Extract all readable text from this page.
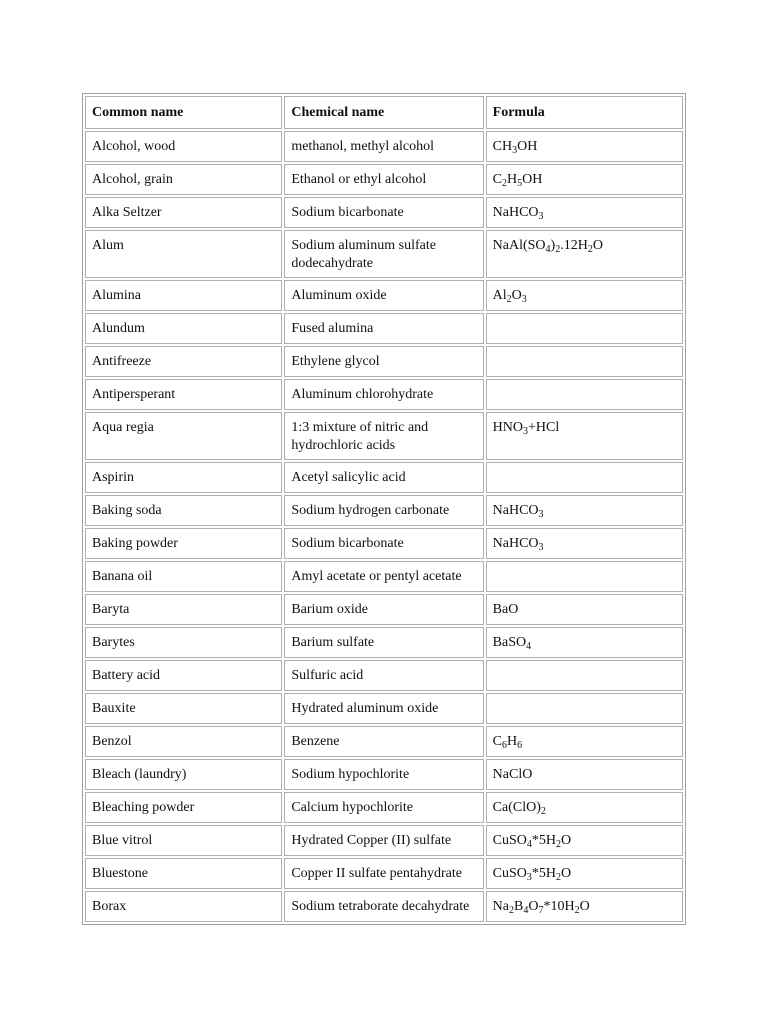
Common name	Chemical name	Formula
Alcohol, wood	methanol, methyl alcohol	$CH_3OH$
Alcohol, grain	Ethanol or ethyl alcohol	$C_2H_5OH$
Alka Seltzer	Sodium bicarbonate	NaHCO$_3$
Alum	Sodium aluminum sulfate dodecahydrate	$NaAl(SO_4)_2.12H_2O$
Alumina	Aluminum oxide	$Al_2O_3$
Alundum	Fused alumina	
Antifreeze	Ethylene glycol	
Antipersperant	Aluminum chlorohydrate	
Aqua regia	1:3 mixture of nitric and hydrochloric acids	$HNO_3+HCl$
Aspirin	Acetyl salicylic acid	
Baking soda	Sodium hydrogen carbonate	NaHCO$_3$
Baking powder	Sodium bicarbonate	NaHCO$_3$
Banana oil	Amyl acetate or pentyl acetate	
Baryta	Barium oxide	BaO
Barytes	Barium sulfate	BaSO$_4$
Battery acid	Sulfuric acid	
Bauxite	Hydrated aluminum oxide	
Benzol	Benzene	$C_6H_6$
Bleach (laundry)	Sodium hypochlorite	NaClO
Bleaching powder	Calcium hypochlorite	$Ca(ClO)_2$
Blue vitrol	Hydrated Copper (II) sulfate	$CuSO_4*5H_2O$
Bluestone	Copper II sulfate pentahydrate	$CuSO_3*5H_2O$
Borax	Sodium tetraborate decahydrate	$Na_2B_4O_7*10H_2O$
